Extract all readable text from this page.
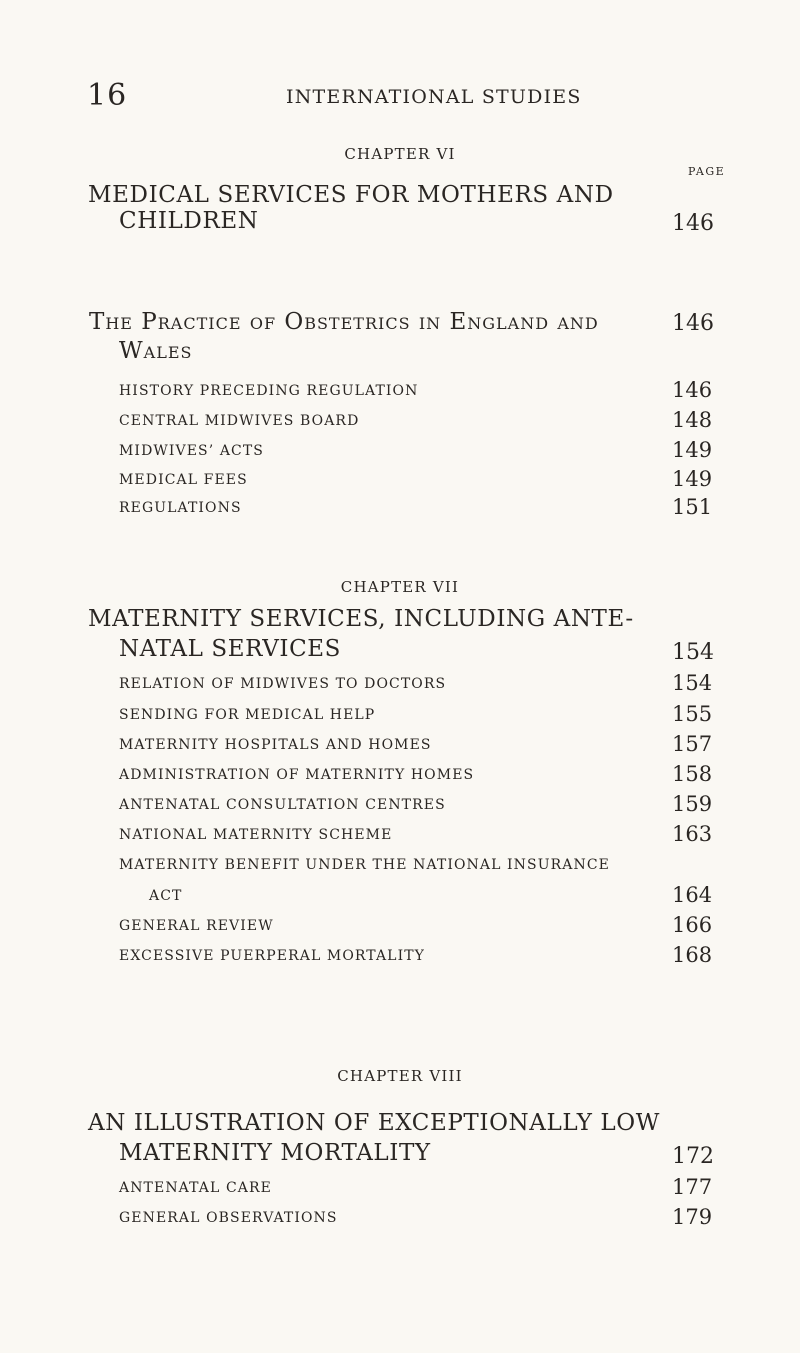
16	INTERNATIONAL STUDIES
CHAPTER VI
PAGE
MEDICAL SERVICES FOR MOTHERS AND
CHILDREN	146
The Practice of Obstetrics in England and	146
Wales
HISTORY PRECEDING REGULATION	146
CENTRAL MIDWIVES BOARD	148
MIDWIVES’ ACTS	149
MEDICAL FEES	149
REGULATIONS	151
CHAPTER VII
MATERNITY SERVICES, INCLUDING ANTE-
NATAL SERVICES	154
RELATION OF MIDWIVES TO DOCTORS	154
SENDING FOR MEDICAL HELP	155
MATERNITY HOSPITALS AND HOMES	157
ADMINISTRATION OF MATERNITY HOMES	158
ANTENATAL CONSULTATION CENTRES	159
NATIONAL MATERNITY SCHEME	163
MATERNITY BENEFIT UNDER THE NATIONAL INSURANCE
ACT	164
GENERAL REVIEW	166
EXCESSIVE PUERPERAL MORTALITY	168
CHAPTER VIII
AN ILLUSTRATION OF EXCEPTIONALLY LOW
MATERNITY MORTALITY	172
ANTENATAL CARE	177
GENERAL OBSERVATIONS	179
